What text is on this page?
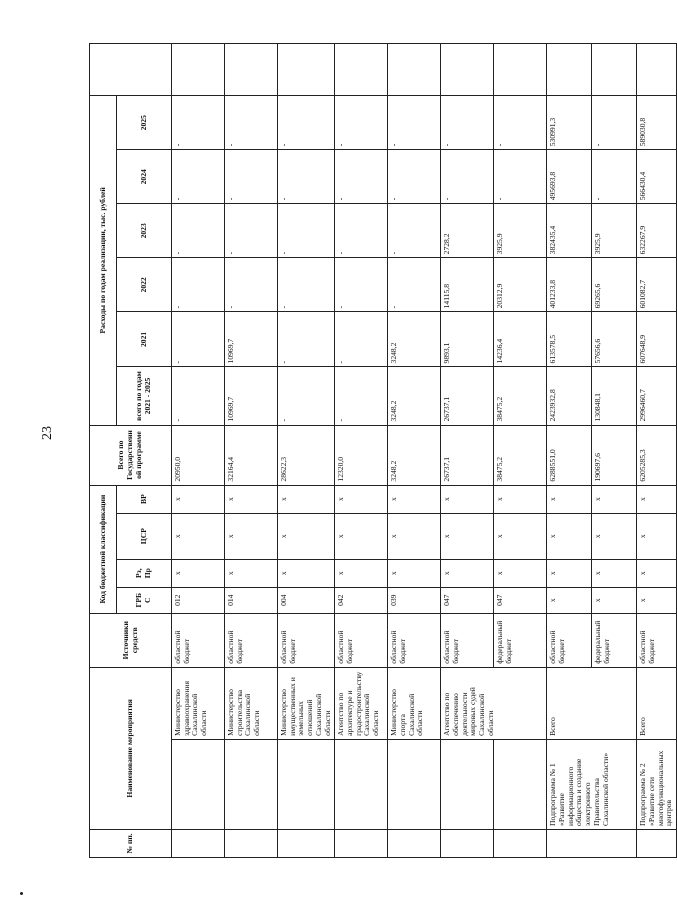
23
№ пп.	Наименование мероприятия		Источники средств	Код бюджетной классификации				Всего по Государственной программе	Расходы по годам реализации, тыс. рублей						
				ГРБС	Рз, Пр	ЦСР	ВР		всего по годам 2021 - 2025	2021	2022	2023	2024	2025	
		Министерство здравоохранения Сахалинской области	областной бюджет	012	х	х	х	20950,0	-	-	-	-	-	-	
		Министерство строительства Сахалинской области	областной бюджет	014	х	х	х	32164,4	10969,7	10969,7	-	-	-	-	
		Министерство имущественных и земельных отношений Сахалинской области	областной бюджет	004	х	х	х	28622,3	-	-	-	-	-	-	
		Агентство по архитектуре и градостроительству Сахалинской области	областной бюджет	042	х	х	х	12320,0	-	-	-	-	-	-	
		Министерство спорта Сахалинской области	областной бюджет	039	х	х	х	3248,2	3248,2	3248,2	-	-	-	-	
		Агентство по обеспечению деятельности мировых судей Сахалинской области	областной бюджет	047	х	х	х	26737,1	26737,1	9893,1	14115,8	2728,2	-	-	
			федеральный бюджет	047	х	х	х	38475,2	38475,2	14236,4	20312,9	3925,9	-	-	
	Подпрограмма № 1 «Развитие информационного общества и создание электронного Правительства Сахалинской области»	Всего	областной бюджет	х	х	х	х	6288551,0	2423932,8	613578,5	401233,8	382435,4	495693,8	530991,3	
			федеральный бюджет	х	х	х	х	190697,6	130848,1	57656,6	69265,6	3925,9	-	-	
	Подпрограмма № 2 «Развитие сети многофункциональных центров	Всего	областной бюджет	х	х	х	х	6205285,3	2996460,7	607648,9	601082,7	632267,9	566430,4	589030,8	
